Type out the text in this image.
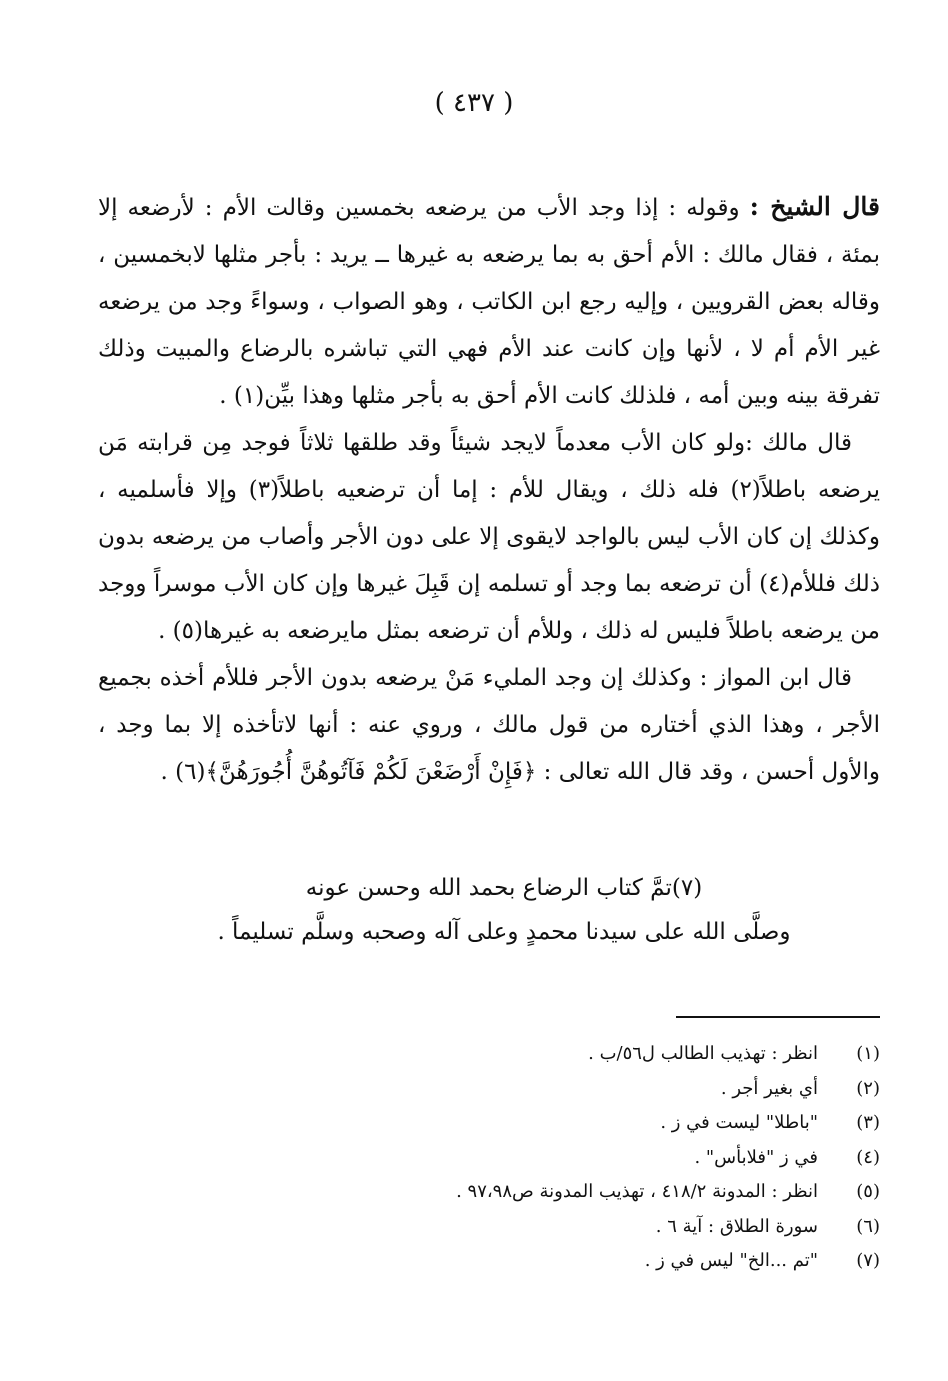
( ٤٣٧ )

قال الشيخ : وقوله : إذا وجد الأب من يرضعه بخمسين وقالت الأم : لأرضعه إلا بمئة ، فقال مالك : الأم أحق به بما يرضعه به غيرها ــ يريد : بأجر مثلها لابخمسين ، وقاله بعض القرويين ، وإليه رجع ابن الكاتب ، وهو الصواب ، وسواءً وجد من يرضعه غير الأم أم لا ، لأنها وإن كانت عند الأم فهي التي تباشره بالرضاع والمبيت وذلك تفرقة بينه وبين أمه ، فلذلك كانت الأم أحق به بأجر مثلها وهذا بيِّن(١) .

قال مالك :ولو كان الأب معدماً لايجد شيئاً وقد طلقها ثلاثاً فوجد مِن قرابته مَن يرضعه باطلاً(٢) فله ذلك ، ويقال للأم : إما أن ترضعيه باطلاً(٣) وإلا فأسلميه ، وكذلك إن كان الأب ليس بالواجد لايقوى إلا على دون الأجر وأصاب من يرضعه بدون ذلك فللأم(٤) أن ترضعه بما وجد أو تسلمه إن قَبِلَ غيرها وإن كان الأب موسراً ووجد من يرضعه باطلاً فليس له ذلك ، وللأم أن ترضعه بمثل مايرضعه به غيرها(٥) .

قال ابن المواز : وكذلك إن وجد المليء مَنْ يرضعه بدون الأجر فللأم أخذه بجميع الأجر ، وهذا الذي أختاره من قول مالك ، وروي عنه : أنها لاتأخذه إلا بما وجد ، والأول أحسن ، وقد قال الله تعالى : ﴿فَإِنْ أَرْضَعْنَ لَكُمْ فَآتُوهُنَّ أُجُورَهُنَّ﴾(٦) .

(٧)تمَّ كتاب الرضاع بحمد الله وحسن عونه
وصلَّى الله على سيدنا محمدٍ وعلى آله وصحبه وسلَّم تسليماً .
(١)انظر : تهذيب الطالب ل٥٦/ب .
(٢)أي بغير أجر .
(٣)"باطلا" ليست في ز .
(٤)في ز "فلابأس" .
(٥)انظر : المدونة ٤١٨/٢ ، تهذيب المدونة ص٩٧،٩٨ .
(٦)سورة الطلاق : آية ٦ .
(٧)"تم ...الخ" ليس في ز .
